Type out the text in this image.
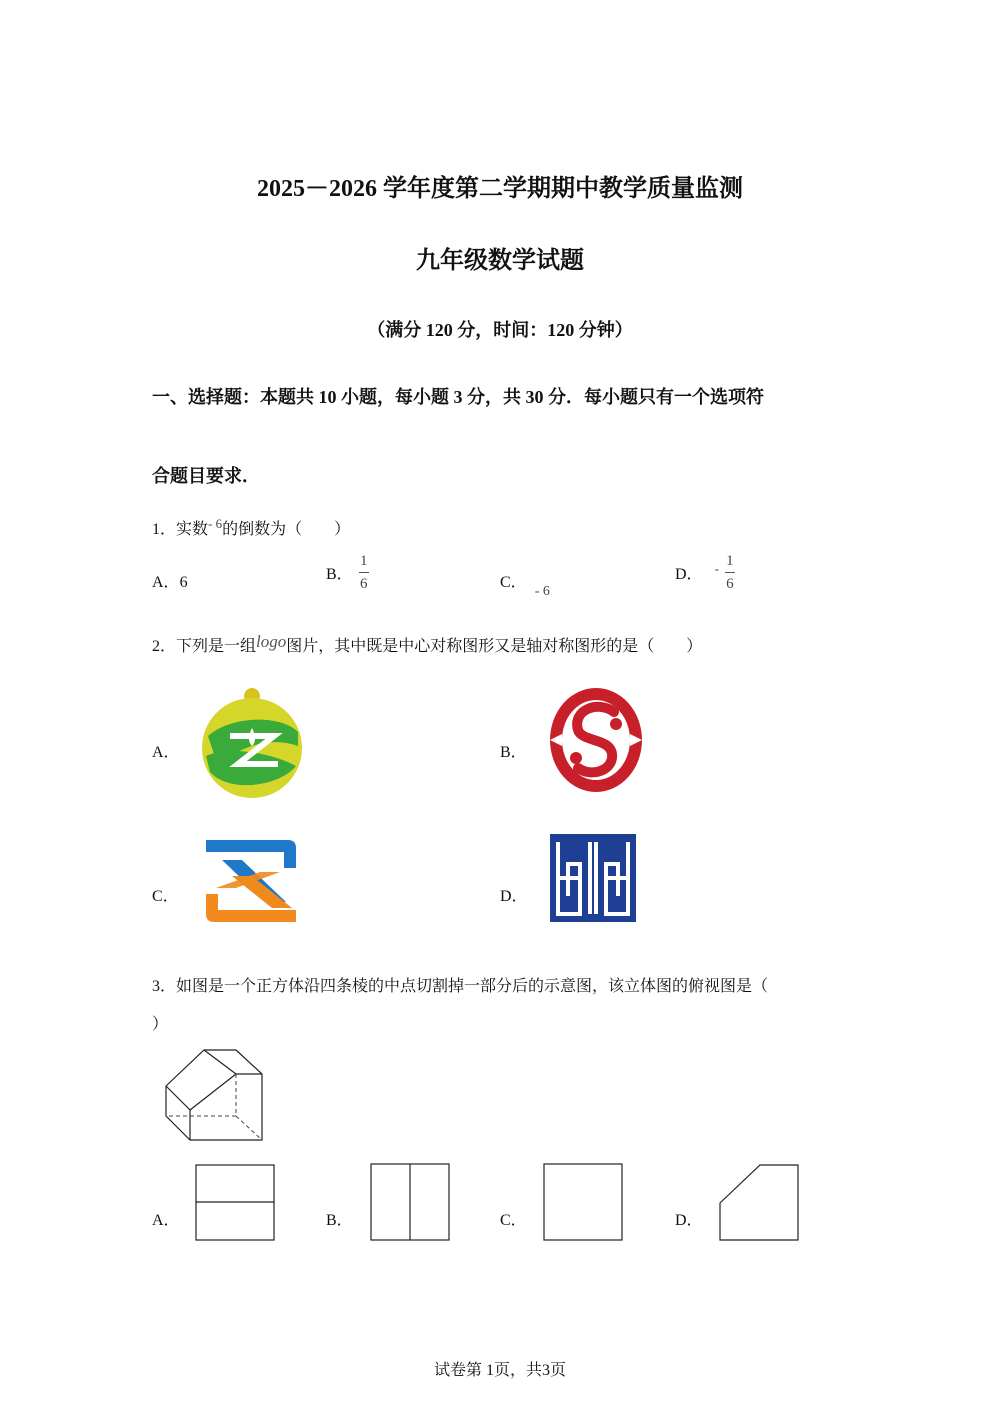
2025－2026 学年度第二学期期中教学质量监测
九年级数学试题
（满分 120 分，时间：120 分钟）
一、选择题：本题共 10 小题，每小题 3 分，共 30 分．每小题只有一个选项符
合题目要求．
1．实数$^{- 6}$的倒数为（　　）
A．6	B． $\frac{1}{6}$	C．- 6
D． - $\frac{1}{6}$
2．下列是一组logo图片，其中既是中心对称图形又是轴对称图形的是（　　）
A．	B．
C．	D．
3．如图是一个正方体沿四条棱的中点切割掉一部分后的示意图，该立体图的俯视图是（
）
A．	B．	C．	D．
试卷第 1页，共3页
